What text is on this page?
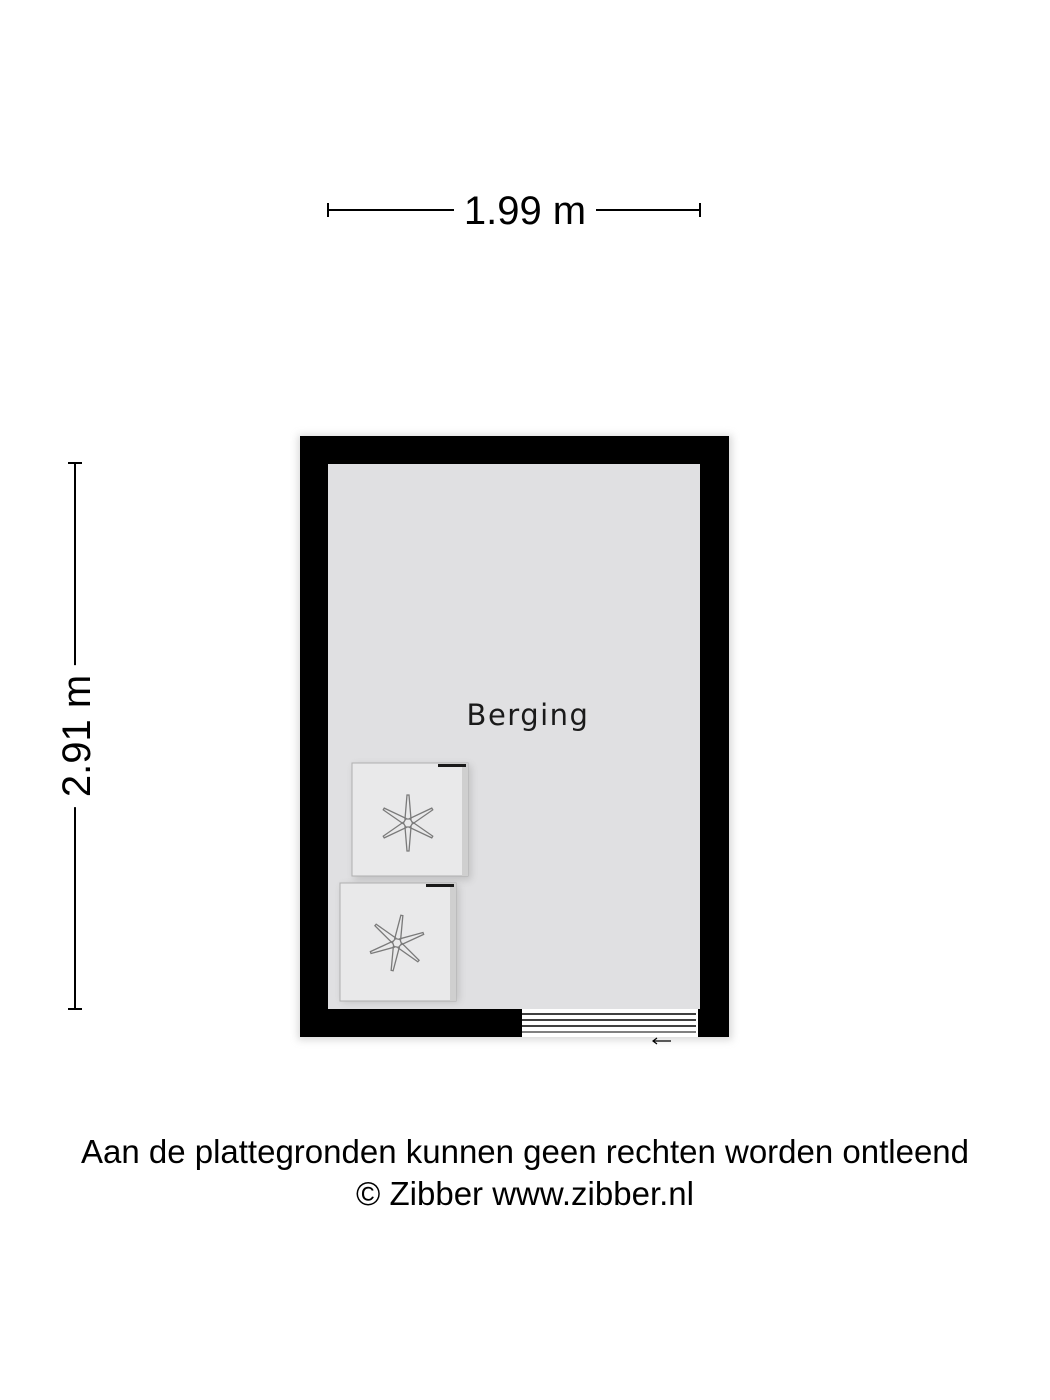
1.99 m
2.91 m	Berging
Aan de plattegronden kunnen geen rechten worden ontleend
© Zibber www.zibber.nl
